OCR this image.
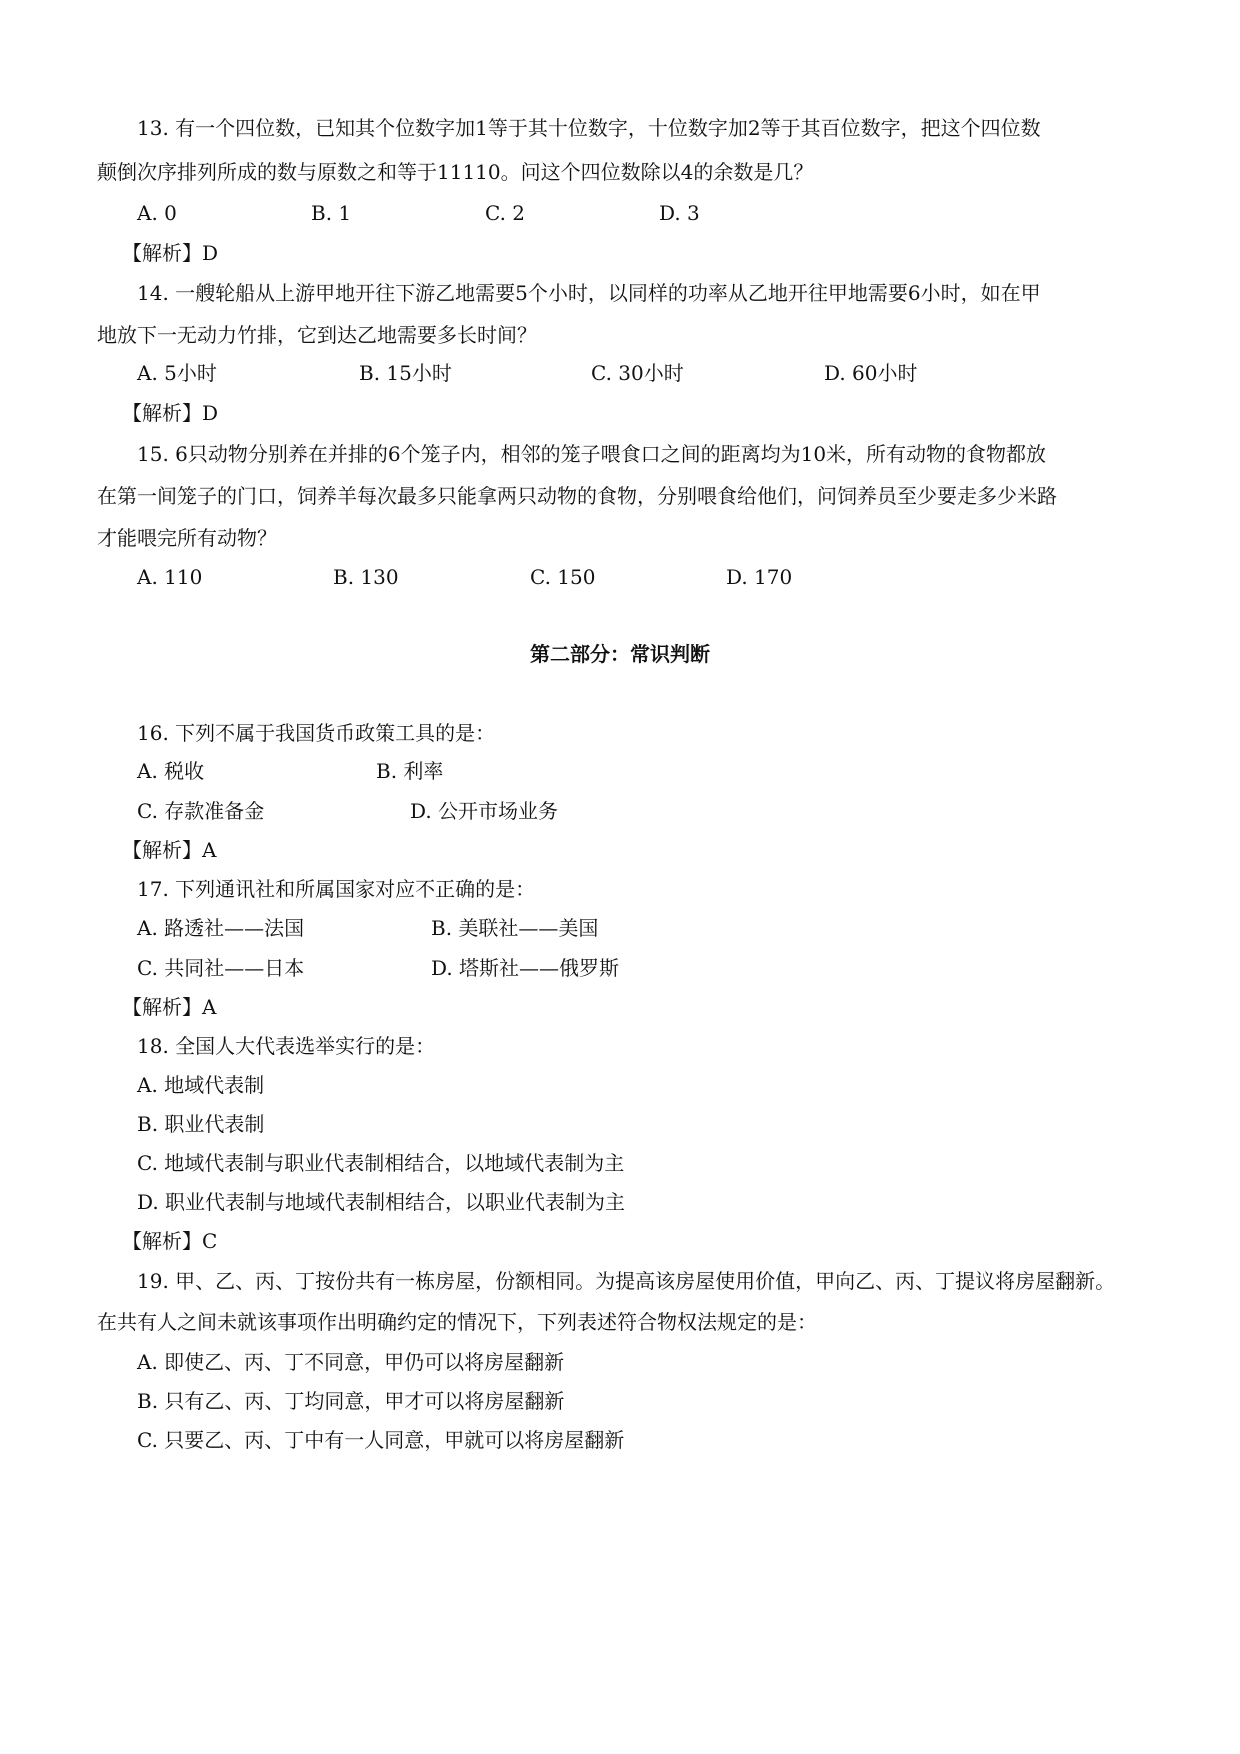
13. 有一个四位数，已知其个位数字加1等于其十位数字，十位数字加2等于其百位数字，把这个四位数
颠倒次序排列所成的数与原数之和等于11110。问这个四位数除以4的余数是几？
A. 0	B. 1	C. 2	D. 3
【解析】D
14. 一艘轮船从上游甲地开往下游乙地需要5个小时，以同样的功率从乙地开往甲地需要6小时，如在甲
地放下一无动力竹排，它到达乙地需要多长时间？
A. 5小时	B. 15小时	C. 30小时	D. 60小时
【解析】D
15. 6只动物分别养在并排的6个笼子内，相邻的笼子喂食口之间的距离均为10米，所有动物的食物都放
在第一间笼子的门口，饲养羊每次最多只能拿两只动物的食物，分别喂食给他们，问饲养员至少要走多少米路
才能喂完所有动物？
A. 110	B. 130	C. 150	D. 170
第二部分：常识判断
16. 下列不属于我国货币政策工具的是：
A. 税收	B. 利率
C. 存款准备金	D. 公开市场业务
【解析】A
17. 下列通讯社和所属国家对应不正确的是：
A. 路透社——法国	B. 美联社——美国
C. 共同社——日本	D. 塔斯社——俄罗斯
【解析】A
18. 全国人大代表选举实行的是：
A. 地域代表制
B. 职业代表制
C. 地域代表制与职业代表制相结合，以地域代表制为主
D. 职业代表制与地域代表制相结合，以职业代表制为主
【解析】C
19. 甲、乙、丙、丁按份共有一栋房屋，份额相同。为提高该房屋使用价值，甲向乙、丙、丁提议将房屋翻新。
在共有人之间未就该事项作出明确约定的情况下，下列表述符合物权法规定的是：
A. 即使乙、丙、丁不同意，甲仍可以将房屋翻新
B. 只有乙、丙、丁均同意，甲才可以将房屋翻新
C. 只要乙、丙、丁中有一人同意，甲就可以将房屋翻新
